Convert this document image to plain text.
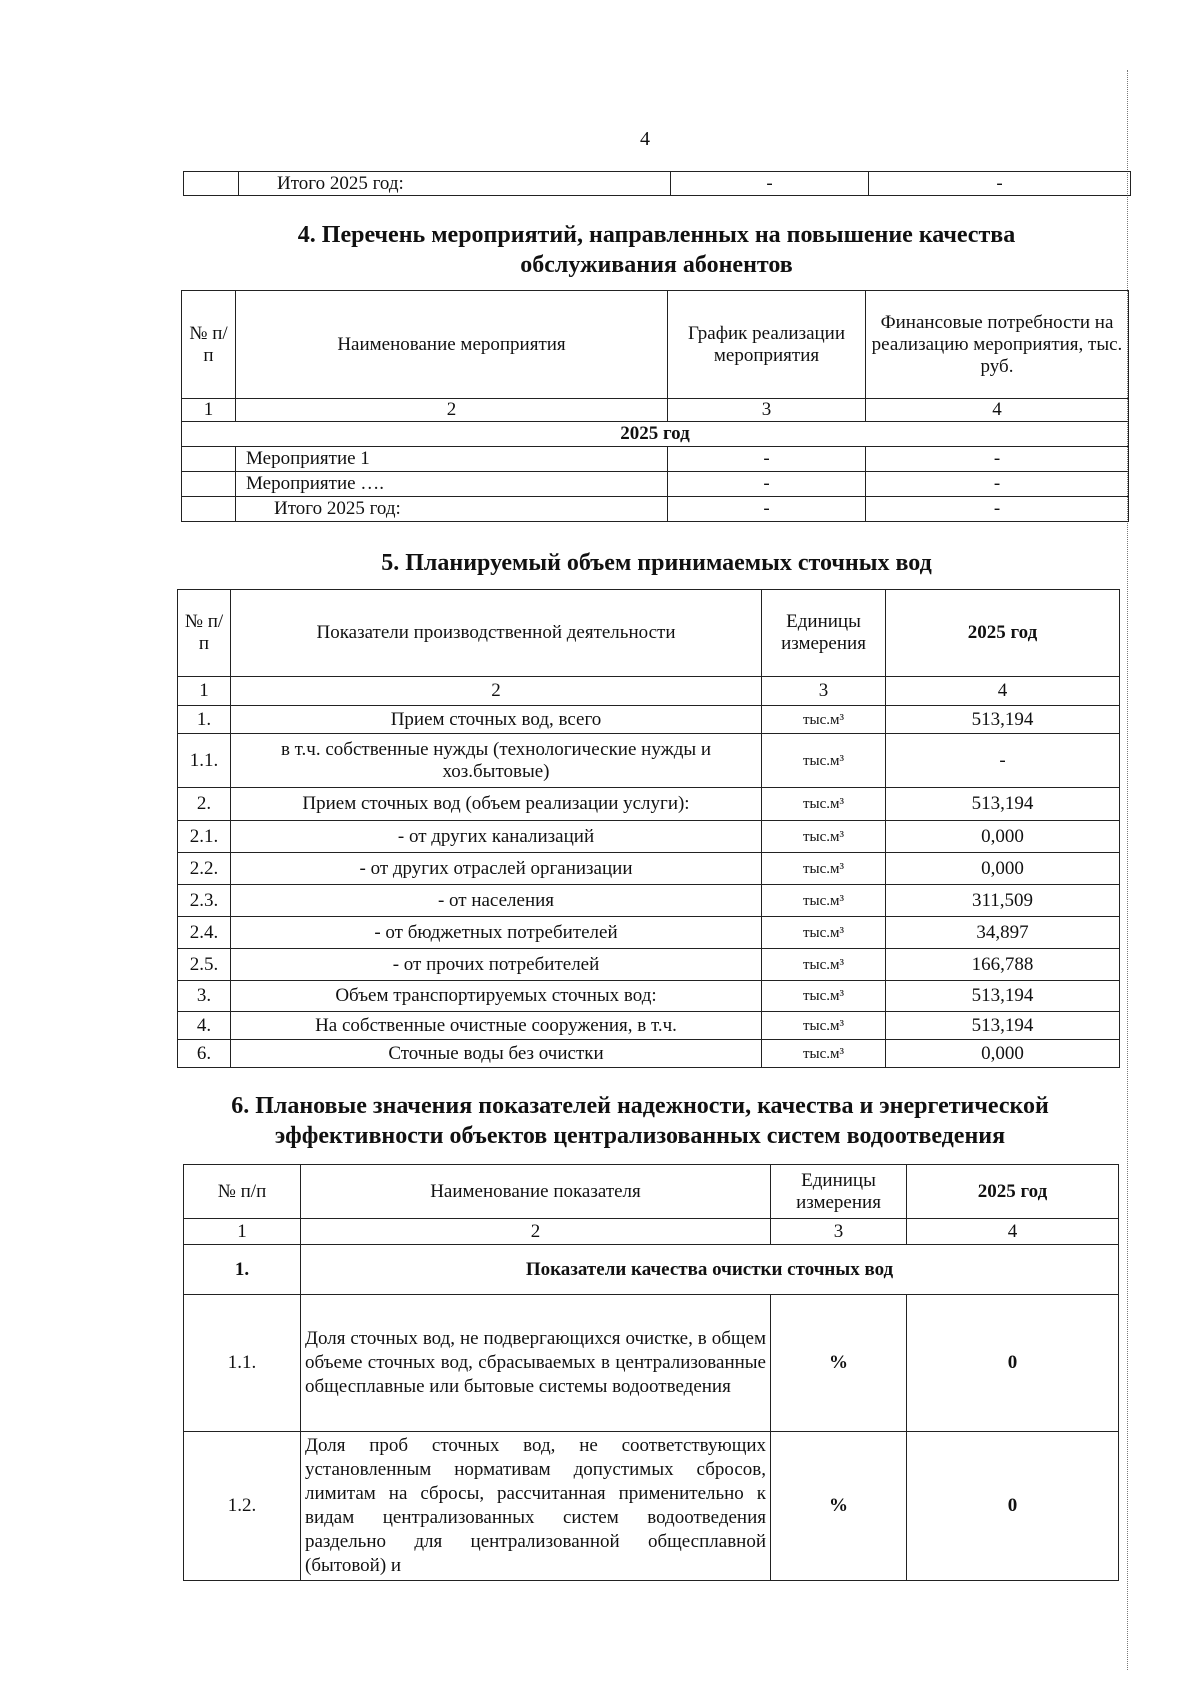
4
	Итого 2025 год:	-	-
4. Перечень мероприятий, направленных на повышение качества
обслуживания абонентов
№ п/п	Наименование мероприятия	График реализации мероприятия	Финансовые потребности на реализацию мероприятия, тыс. руб.
1	2	3	4
2025 год			
	Мероприятие 1	-	-
	Мероприятие ….	-	-
	Итого 2025 год:	-	-
5. Планируемый объем принимаемых сточных вод
№ п/п	Показатели производственной деятельности	Единицы измерения	2025 год
1	2	3	4
1.	Прием сточных вод, всего	тыс.м³	513,194
1.1.	в т.ч. собственные нужды (технологические нужды и хоз.бытовые)	тыс.м³	-
2.	Прием сточных вод (объем реализации услуги):	тыс.м³	513,194
2.1.	- от других канализаций	тыс.м³	0,000
2.2.	- от других отраслей организации	тыс.м³	0,000
2.3.	- от населения	тыс.м³	311,509
2.4.	- от бюджетных потребителей	тыс.м³	34,897
2.5.	- от прочих потребителей	тыс.м³	166,788
3.	Объем транспортируемых сточных вод:	тыс.м³	513,194
4.	На собственные очистные сооружения, в т.ч.	тыс.м³	513,194
6.	Сточные воды без очистки	тыс.м³	0,000
6. Плановые значения показателей надежности, качества и энергетической
эффективности объектов централизованных систем водоотведения
№ п/п	Наименование показателя	Единицы измерения	2025 год
1	2	3	4
1.	Показатели качества очистки сточных вод		
1.1.	Доля сточных вод, не подвергающихся очистке, в общем объеме сточных вод, сбрасываемых в централизованные общесплавные или бытовые системы водоотведения	%	0
1.2.	Доля проб сточных вод, не соответствующих установленным нормативам допустимых сбросов, лимитам на сбросы, рассчитанная применительно к видам централизованных систем водоотведения раздельно для централизованной общесплавной (бытовой) и	%	0
